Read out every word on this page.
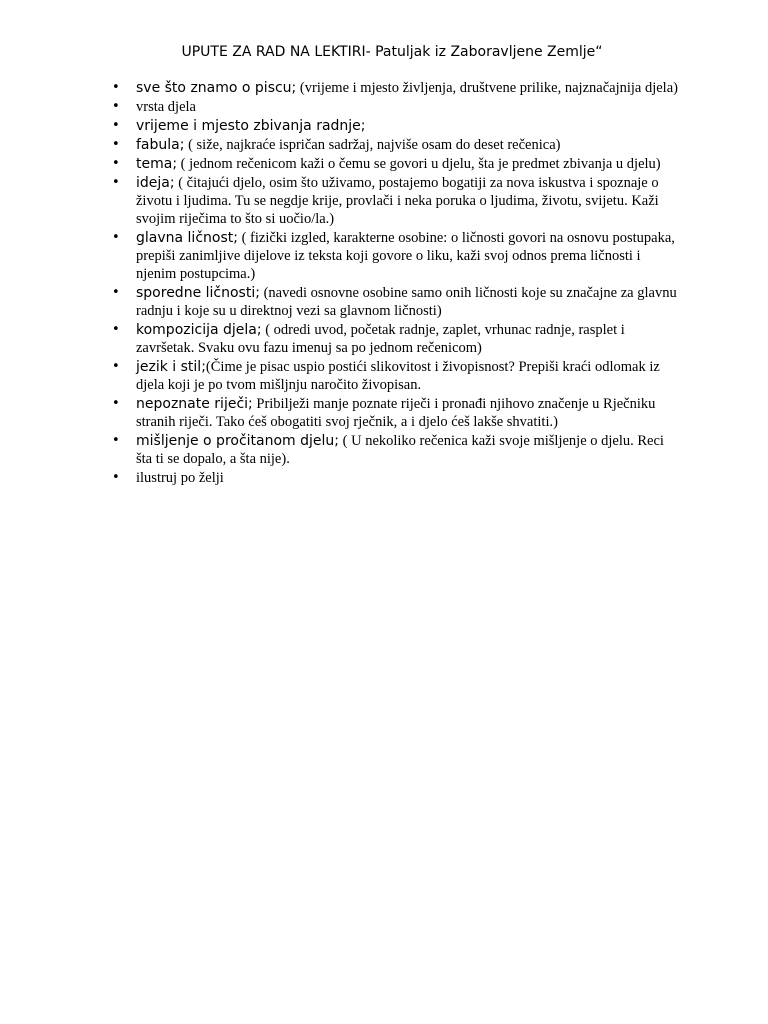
UPUTE ZA RAD NA LEKTIRI- Patuljak iz Zaboravljene Zemlje“
• sve što znamo o piscu; (vrijeme i mjesto življenja, društvene prilike, najznačajnija djela)
• vrsta djela
• vrijeme i mjesto zbivanja radnje;
• fabula; ( siže, najkraće ispričan sadržaj, najviše osam do deset rečenica)
• tema; ( jednom rečenicom kaži o čemu se govori u djelu, šta je predmet zbivanja u djelu)
• ideja; ( čitajući djelo, osim što uživamo, postajemo bogatiji za nova iskustva i spoznaje o životu i ljudima. Tu se negdje krije, provlači i neka poruka o ljudima, životu, svijetu. Kaži svojim riječima to što si uočio/la.)
• glavna ličnost; ( fizički izgled, karakterne osobine: o ličnosti govori na osnovu postupaka, prepiši zanimljive dijelove iz teksta koji govore o liku, kaži svoj odnos prema ličnosti i njenim postupcima.)
• sporedne ličnosti; (navedi osnovne osobine samo onih ličnosti koje su značajne za glavnu radnju i koje su u direktnoj vezi sa glavnom ličnosti)
• kompozicija djela; ( odredi uvod, početak radnje, zaplet, vrhunac radnje, rasplet i završetak. Svaku ovu fazu imenuj sa po jednom rečenicom)
• jezik i stil;(Čime je pisac uspio postići slikovitost i živopisnost? Prepiši kraći odlomak iz djela koji je po tvom mišljnju naročito živopisan.
• nepoznate riječi; Pribilježi manje poznate riječi i pronađi njihovo značenje u Rječniku stranih riječi. Tako ćeš obogatiti svoj rječnik, a i djelo ćeš lakše shvatiti.)
• mišljenje o pročitanom djelu; ( U nekoliko rečenica kaži svoje mišljenje o djelu. Reci šta ti se dopalo, a šta nije).
• ilustruj po želji
